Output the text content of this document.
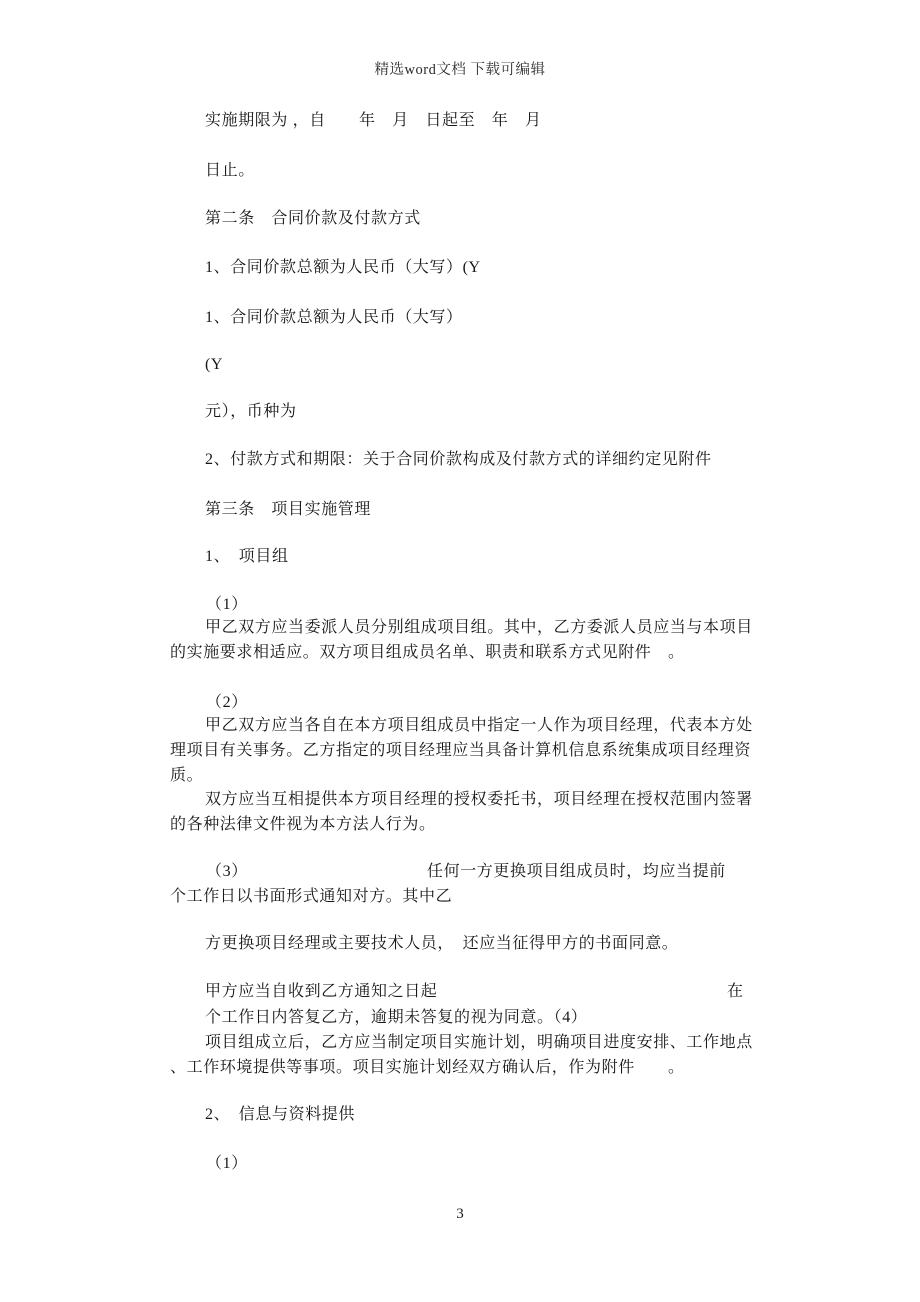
精选word文档 下载可编辑
实施期限为 ，自　　年　月　日起至　年　月
日止。
第二条　合同价款及付款方式
1、合同价款总额为人民币（大写）(Y
1、合同价款总额为人民币（大写）
(Y
元），币种为
2、付款方式和期限：关于合同价款构成及付款方式的详细约定见附件
第三条　项目实施管理
1、　项目组
（1）
甲乙双方应当委派人员分别组成项目组。其中，乙方委派人员应当与本项目
的实施要求相适应。双方项目组成员名单、职责和联系方式见附件　。
（2）
甲乙双方应当各自在本方项目组成员中指定一人作为项目经理，代表本方处
理项目有关事务。乙方指定的项目经理应当具备计算机信息系统集成项目经理资
质。
双方应当互相提供本方项目经理的授权委托书，项目经理在授权范围内签署
的各种法律文件视为本方法人行为。
（3）	任何一方更换项目组成员时，均应当提前
个工作日以书面形式通知对方。其中乙
方更换项目经理或主要技术人员，　还应当征得甲方的书面同意。
甲方应当自收到乙方通知之日起	在
个工作日内答复乙方，逾期未答复的视为同意。（4）
项目组成立后，乙方应当制定项目实施计划，明确项目进度安排、工作地点
、工作环境提供等事项。项目实施计划经双方确认后，作为附件　　。
2、　信息与资料提供
（1）
3
